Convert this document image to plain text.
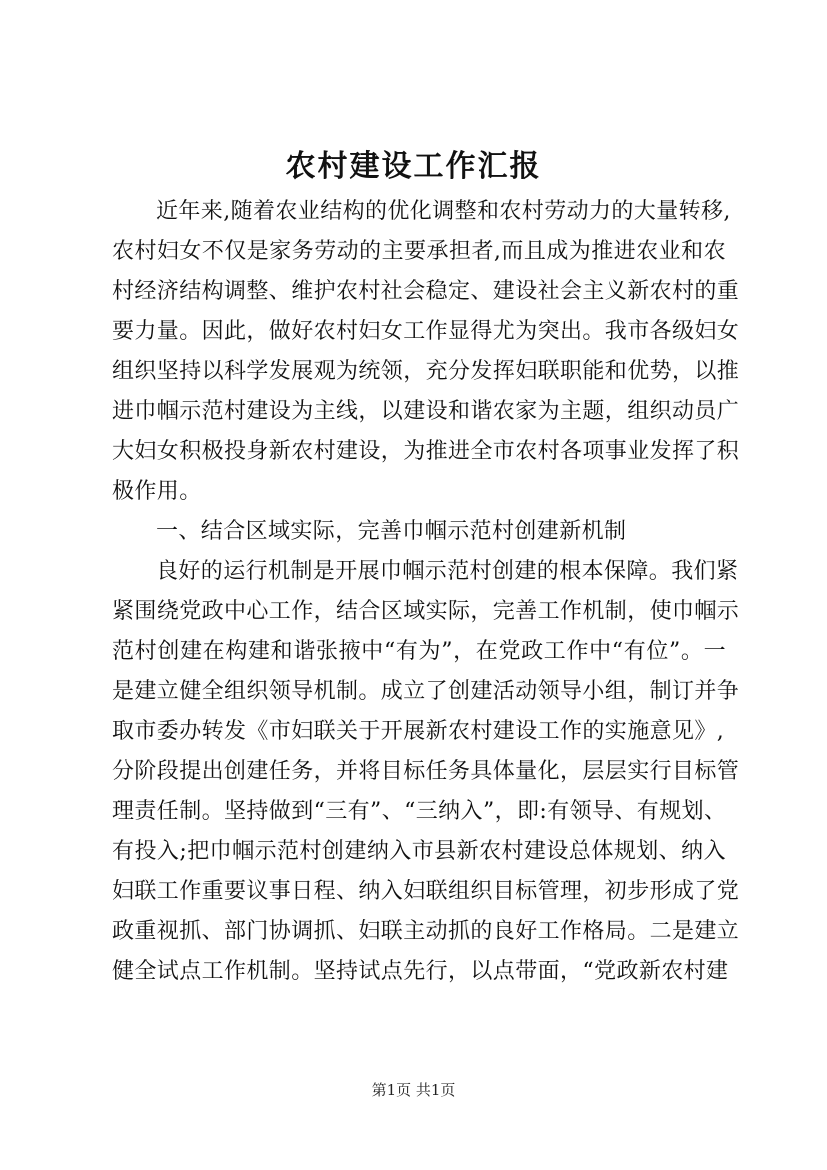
农村建设工作汇报
近年来,随着农业结构的优化调整和农村劳动力的大量转移,
农村妇女不仅是家务劳动的主要承担者,而且成为推进农业和农
村经济结构调整、维护农村社会稳定、建设社会主义新农村的重
要力量。因此，做好农村妇女工作显得尤为突出。我市各级妇女
组织坚持以科学发展观为统领，充分发挥妇联职能和优势，以推
进巾帼示范村建设为主线，以建设和谐农家为主题，组织动员广
大妇女积极投身新农村建设，为推进全市农村各项事业发挥了积
极作用。
一、结合区域实际，完善巾帼示范村创建新机制
良好的运行机制是开展巾帼示范村创建的根本保障。我们紧
紧围绕党政中心工作，结合区域实际，完善工作机制，使巾帼示
范村创建在构建和谐张掖中“有为”，在党政工作中“有位”。一
是建立健全组织领导机制。成立了创建活动领导小组，制订并争
取市委办转发《市妇联关于开展新农村建设工作的实施意见》,
分阶段提出创建任务，并将目标任务具体量化，层层实行目标管
理责任制。坚持做到“三有”、“三纳入”，即:有领导、有规划、
有投入;把巾帼示范村创建纳入市县新农村建设总体规划、纳入
妇联工作重要议事日程、纳入妇联组织目标管理，初步形成了党
政重视抓、部门协调抓、妇联主动抓的良好工作格局。二是建立
健全试点工作机制。坚持试点先行，以点带面，“党政新农村建
第1页 共1页
